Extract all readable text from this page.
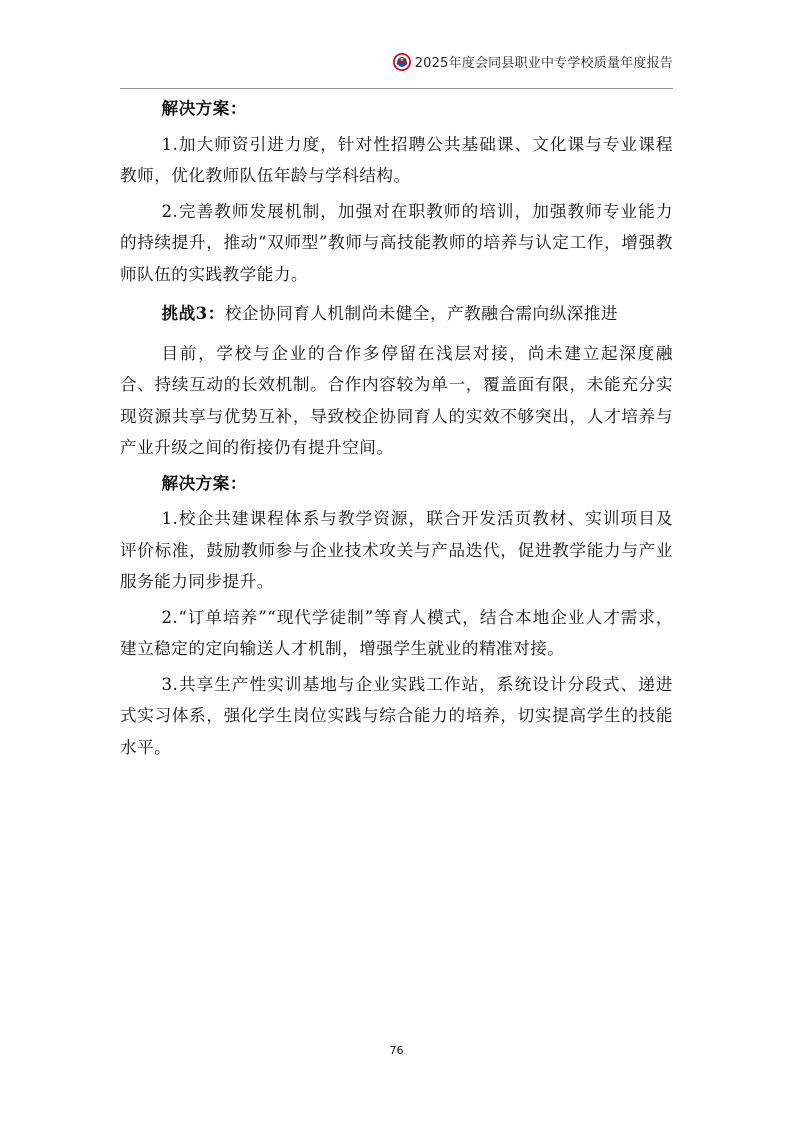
2025年度会同县职业中专学校质量年度报告

解决方案：

1.加大师资引进力度，针对性招聘公共基础课、文化课与专业课程教师，优化教师队伍年龄与学科结构。

2.完善教师发展机制，加强对在职教师的培训，加强教师专业能力的持续提升，推动“双师型”教师与高技能教师的培养与认定工作，增强教师队伍的实践教学能力。

挑战3：校企协同育人机制尚未健全，产教融合需向纵深推进

目前，学校与企业的合作多停留在浅层对接，尚未建立起深度融合、持续互动的长效机制。合作内容较为单一，覆盖面有限，未能充分实现资源共享与优势互补，导致校企协同育人的实效不够突出，人才培养与产业升级之间的衔接仍有提升空间。

解决方案：

1.校企共建课程体系与教学资源，联合开发活页教材、实训项目及评价标准，鼓励教师参与企业技术攻关与产品迭代，促进教学能力与产业服务能力同步提升。

2.“订单培养”“现代学徒制”等育人模式，结合本地企业人才需求，建立稳定的定向输送人才机制，增强学生就业的精准对接。

3.共享生产性实训基地与企业实践工作站，系统设计分段式、递进式实习体系，强化学生岗位实践与综合能力的培养，切实提高学生的技能水平。

76
